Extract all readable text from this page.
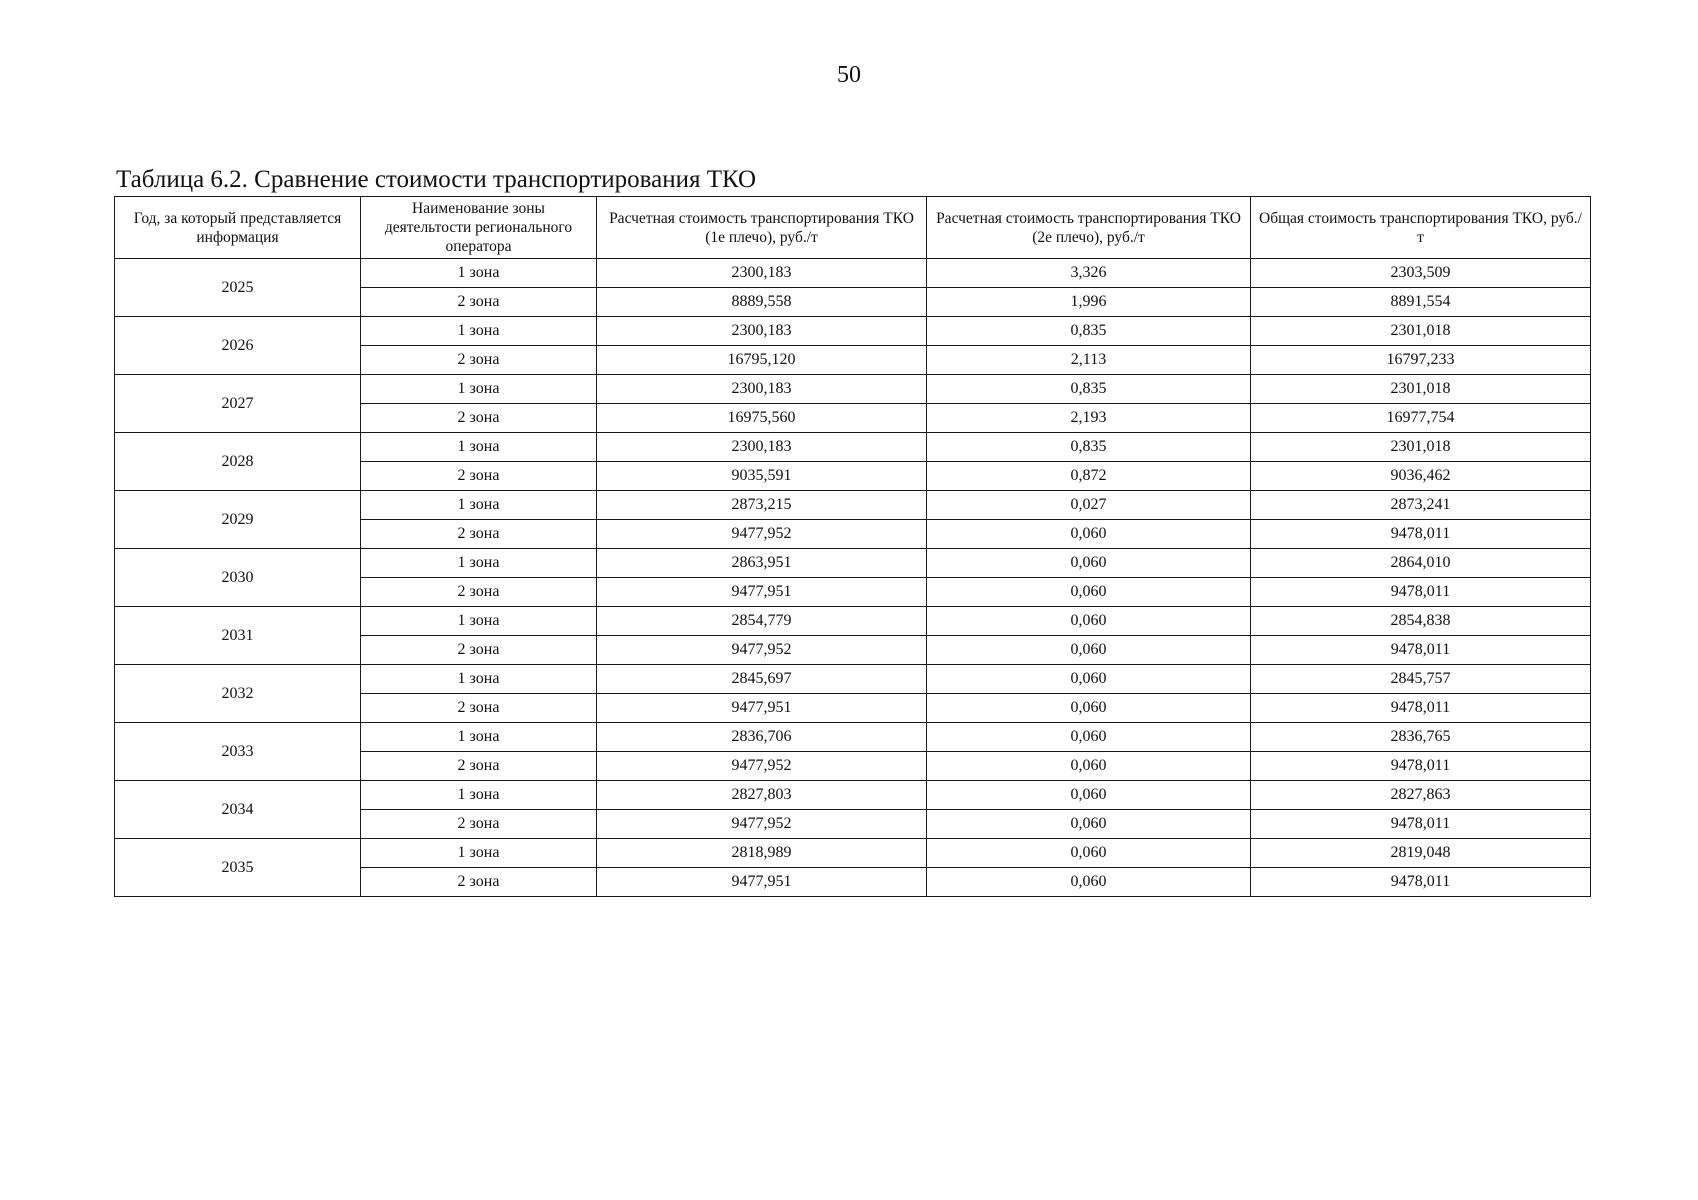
50
Таблица 6.2. Сравнение стоимости транспортирования ТКО
Год, за который представляется информация	Наименование зоны деятельтости регионального оператора	Расчетная стоимость транспортирования ТКО (1е плечо), руб./т	Расчетная стоимость транспортирования ТКО (2е плечо), руб./т	Общая стоимость транспортирования ТКО, руб./т
2025	1 зона	2300,183	3,326	2303,509
	2 зона	8889,558	1,996	8891,554
2026	1 зона	2300,183	0,835	2301,018
	2 зона	16795,120	2,113	16797,233
2027	1 зона	2300,183	0,835	2301,018
	2 зона	16975,560	2,193	16977,754
2028	1 зона	2300,183	0,835	2301,018
	2 зона	9035,591	0,872	9036,462
2029	1 зона	2873,215	0,027	2873,241
	2 зона	9477,952	0,060	9478,011
2030	1 зона	2863,951	0,060	2864,010
	2 зона	9477,951	0,060	9478,011
2031	1 зона	2854,779	0,060	2854,838
	2 зона	9477,952	0,060	9478,011
2032	1 зона	2845,697	0,060	2845,757
	2 зона	9477,951	0,060	9478,011
2033	1 зона	2836,706	0,060	2836,765
	2 зона	9477,952	0,060	9478,011
2034	1 зона	2827,803	0,060	2827,863
	2 зона	9477,952	0,060	9478,011
2035	1 зона	2818,989	0,060	2819,048
	2 зона	9477,951	0,060	9478,011
